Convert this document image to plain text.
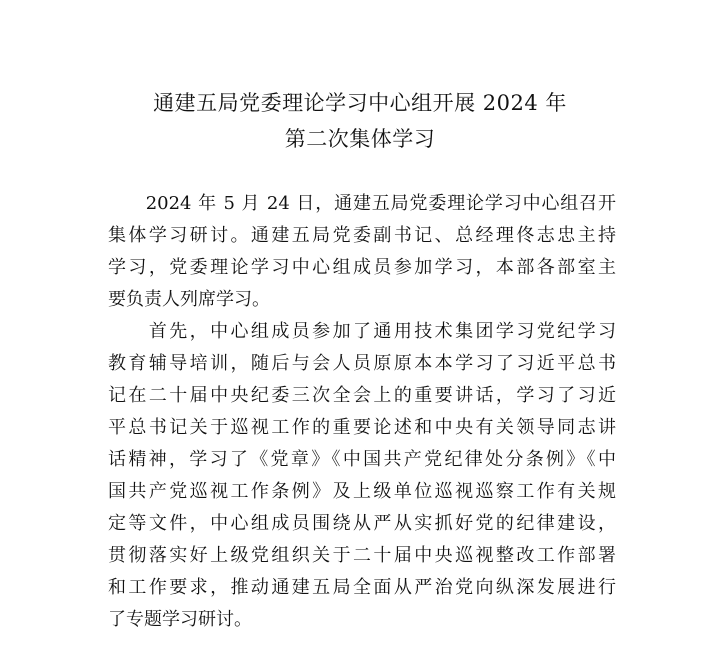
通建五局党委理论学习中心组开展 2024 年
第二次集体学习
　　2024 年 5 月 24 日，通建五局党委理论学习中心组召开
集体学习研讨。通建五局党委副书记、总经理佟志忠主持
学习，党委理论学习中心组成员参加学习，本部各部室主
要负责人列席学习。
　　首先，中心组成员参加了通用技术集团学习党纪学习
教育辅导培训，随后与会人员原原本本学习了习近平总书
记在二十届中央纪委三次全会上的重要讲话，学习了习近
平总书记关于巡视工作的重要论述和中央有关领导同志讲
话精神，学习了《党章》《中国共产党纪律处分条例》《中
国共产党巡视工作条例》及上级单位巡视巡察工作有关规
定等文件，中心组成员围绕从严从实抓好党的纪律建设，
贯彻落实好上级党组织关于二十届中央巡视整改工作部署
和工作要求，推动通建五局全面从严治党向纵深发展进行
了专题学习研讨。
